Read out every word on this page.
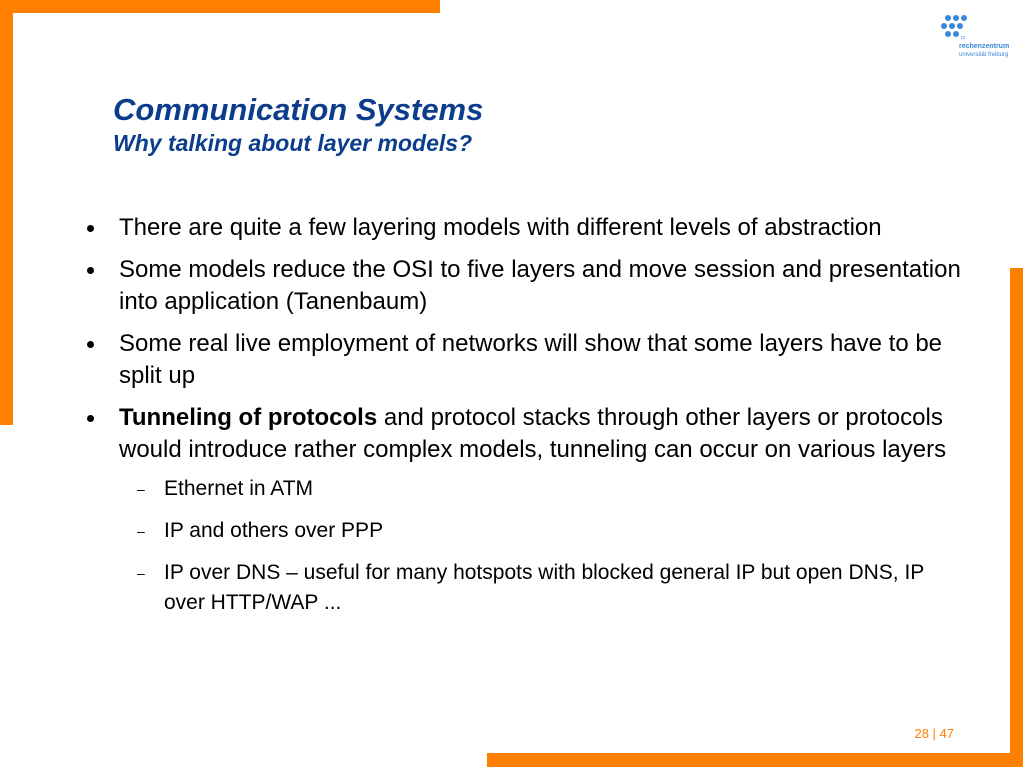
rz
rechenzentrum
universität freiburg
Communication Systems
Why talking about layer models?
There are quite a few layering models with different levels of abstraction
Some models reduce the OSI to five layers and move session and presentation into application (Tanenbaum)
Some real live employment of networks will show that some layers have to be split up
Tunneling of protocols and protocol stacks through other layers or protocols would introduce rather complex models, tunneling can occur on various layers
– Ethernet in ATM
– IP and others over PPP
– IP over DNS – useful for many hotspots with blocked general IP but open DNS, IP over HTTP/WAP ...
28 | 47
